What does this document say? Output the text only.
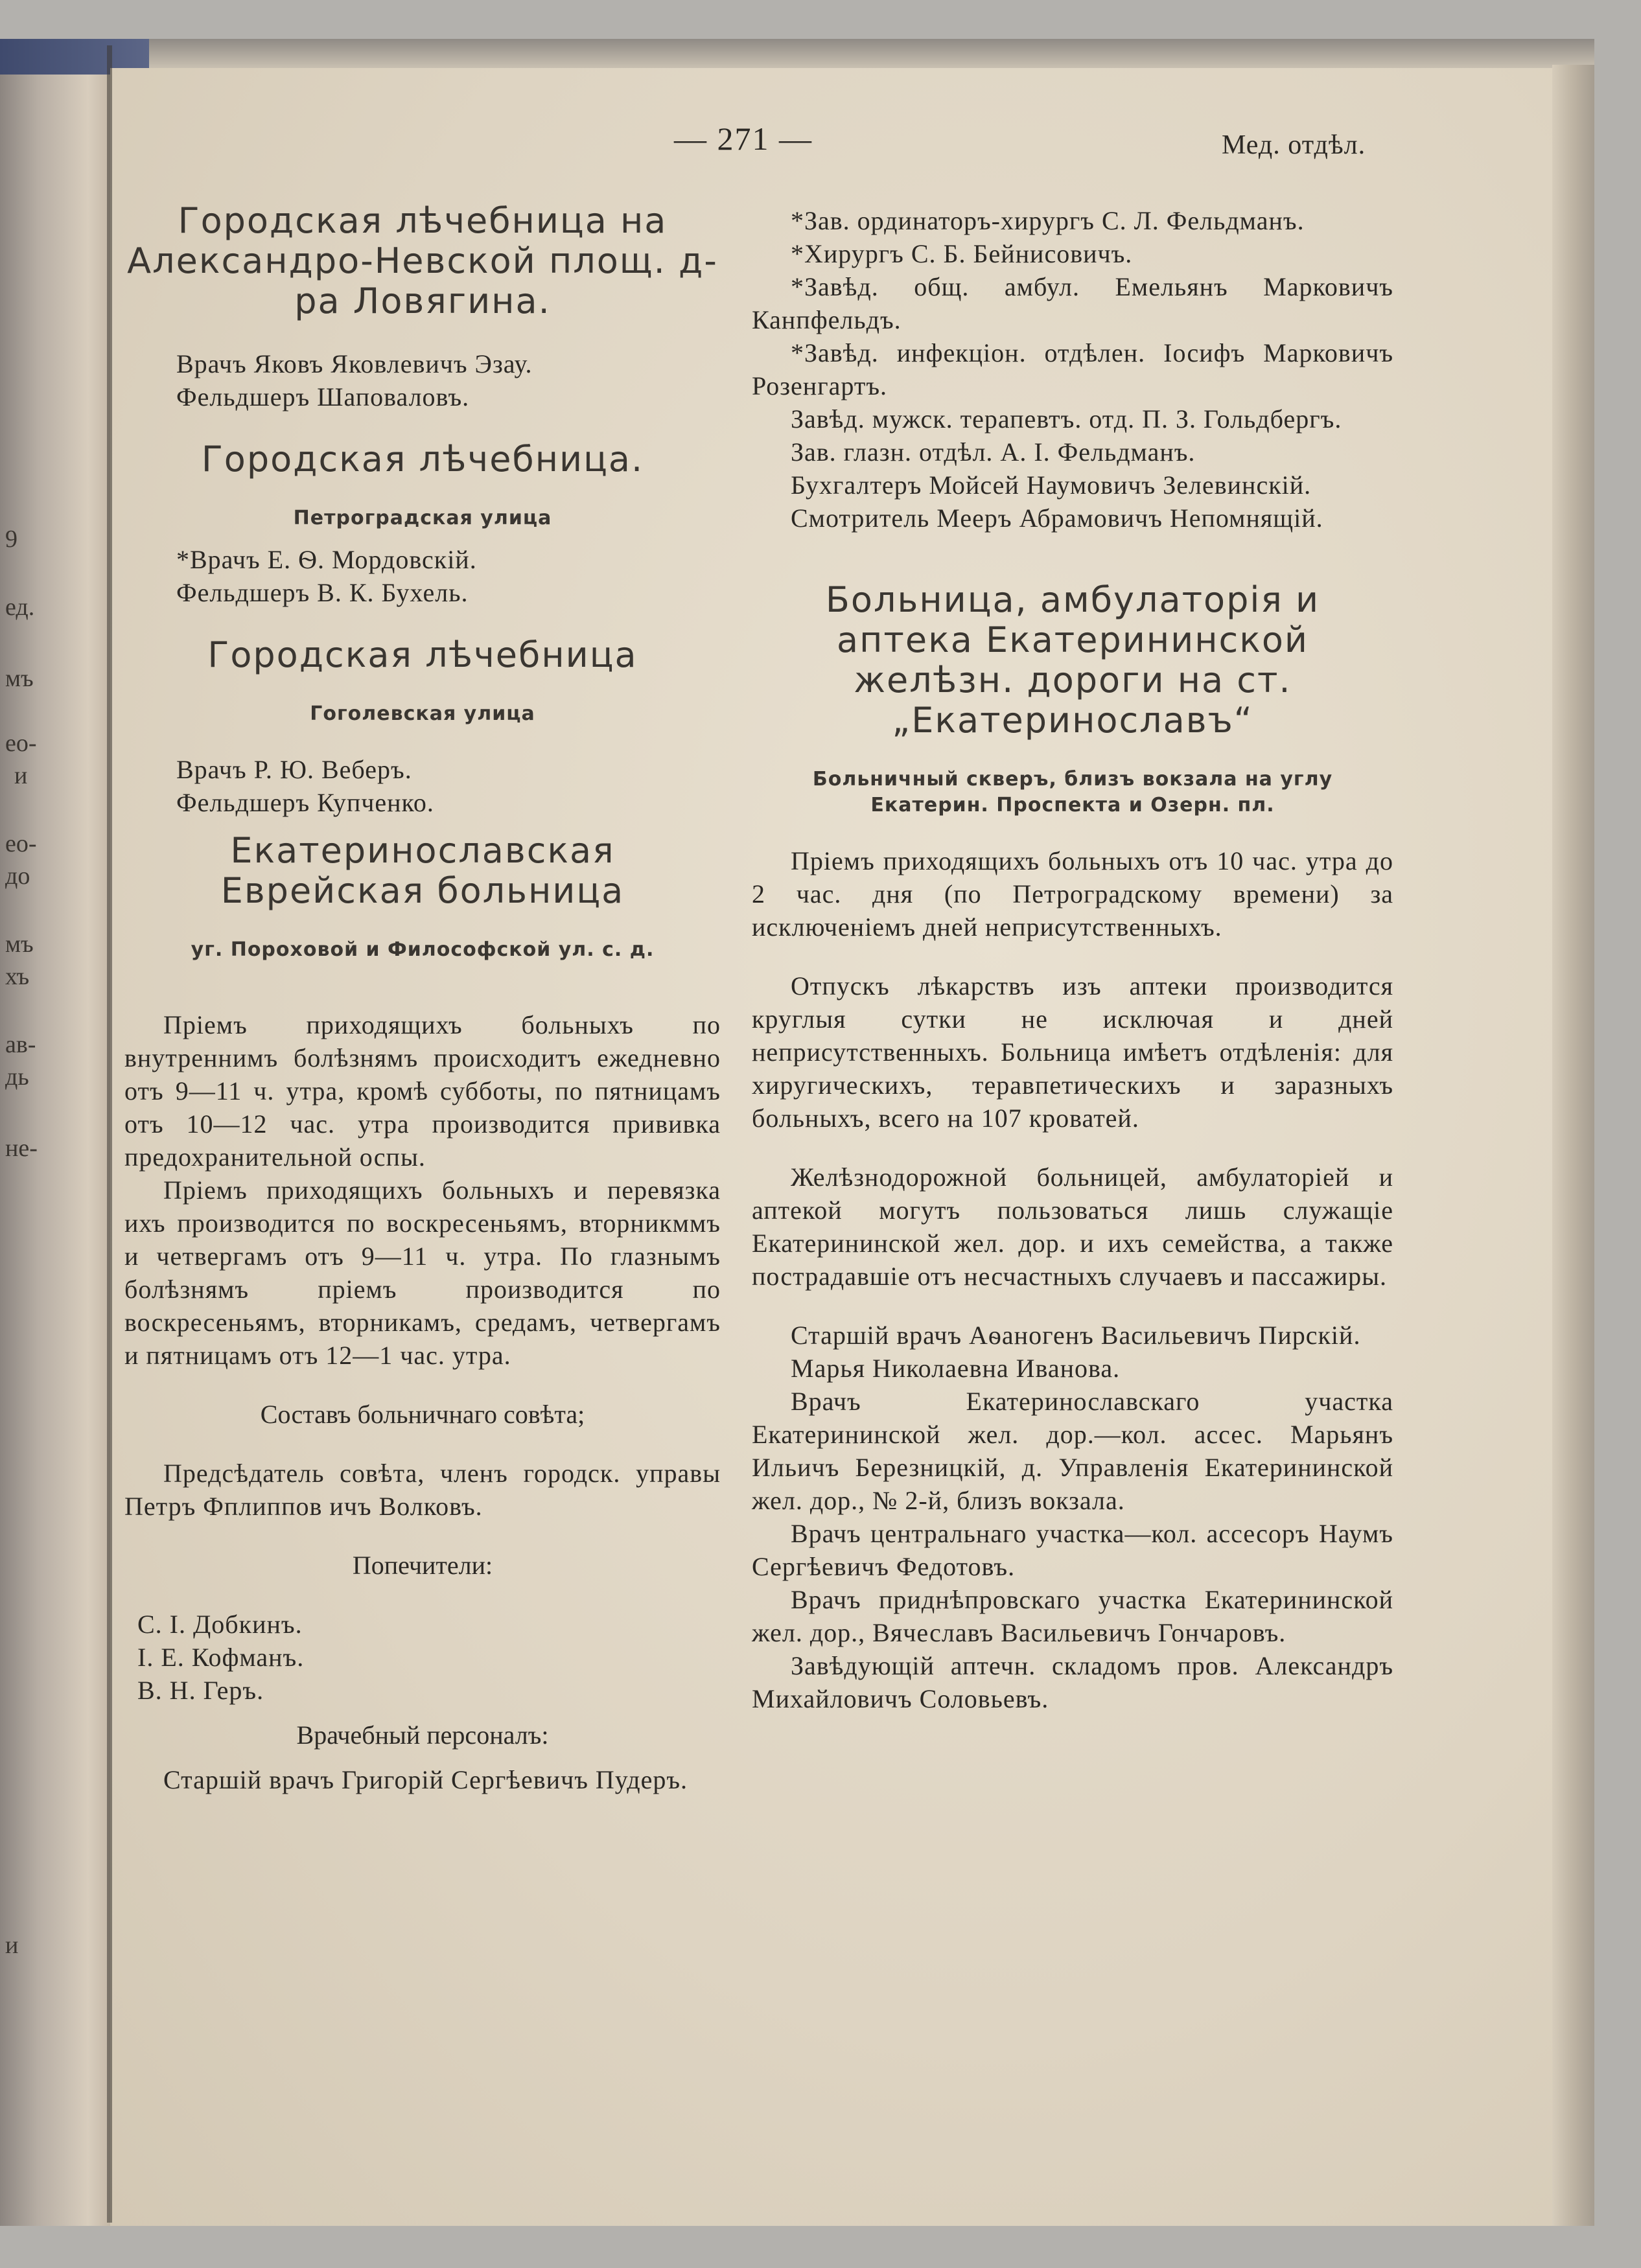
9
ед.
мъ
ео-
и
ео-
до
мъ
хъ
ав-
дь
не-
и
— 271 —	Мед. отдѣл.
Городская лѣчебница на Александро-Невской площ. д-ра Ловягина.

Врачъ Яковъ Яковлевичъ Эзау.

Фельдшеръ Шаповаловъ.

Городская лѣчебница.
Петроградская улица

*Врачъ Е. Ѳ. Мордовскій.

Фельдшеръ В. К. Бухель.

Городская лѣчебница
Гоголевская улица

Врачъ Р. Ю. Веберъ.

Фельдшеръ Купченко.

Екатеринославская Еврейская больница
уг. Пороховой и Философской ул. с. д.

Пріемъ приходящихъ больныхъ по внутреннимъ болѣзнямъ происходитъ ежедневно отъ 9—11 ч. утра, кромѣ субботы, по пятницамъ отъ 10—12 час. утра производится прививка предохранительной оспы.

Пріемъ приходящихъ больныхъ и перевязка ихъ производится по воскресеньямъ, вторникммъ и четвергамъ отъ 9—11 ч. утра. По глазнымъ болѣзнямъ пріемъ производится по воскресеньямъ, вторникамъ, средамъ, четвергамъ и пятницамъ отъ 12—1 час. утра.

Составъ больничнаго совѣта;

Предсѣдатель совѣта, членъ городск. управы Петръ Фплиппов ичъ Волковъ.

Попечители:

С. І. Добкинъ.

І. Е. Кофманъ.

В. Н. Геръ.

Врачебный персоналъ:

Старшій врачъ Григорій Сергѣевичъ Пудеръ.

*Зав. ординаторъ-хирургъ С. Л. Фельдманъ.

*Хирургъ С. Б. Бейнисовичъ.

*Завѣд. общ. амбул. Емельянъ Марковичъ Канпфельдъ.

*Завѣд. инфекціон. отдѣлен. Іосифъ Марковичъ Розенгартъ.

Завѣд. мужск. терапевтъ. отд. П. З. Гольдбергъ.

Зав. глазн. отдѣл. А. І. Фельдманъ.

Бухгалтеръ Мойсей Наумовичъ Зелевинскій.

Смотритель Мееръ Абрамовичъ Непомнящій.

Больница, амбулаторія и аптека Екатерининской желѣзн. дороги на ст. „Екатеринославъ“
Больничный скверъ, близъ вокзала на углу Екатерин. Проспекта и Озерн. пл.

Пріемъ приходящихъ больныхъ отъ 10 час. утра до 2 час. дня (по Петроградскому времени) за исключеніемъ дней неприсутственныхъ.

Отпускъ лѣкарствъ изъ аптеки производится круглыя сутки не исключая и дней неприсутственныхъ. Больница имѣетъ отдѣленія: для хиругическихъ, теравпетическихъ и заразныхъ больныхъ, всего на 107 кроватей.

Желѣзнодорожной больницей, амбулаторіей и аптекой могутъ пользоваться лишь служащіе Екатерининской жел. дор. и ихъ семейства, а также пострадавшіе отъ несчастныхъ случаевъ и пассажиры.

Старшій врачъ Аѳаногенъ Васильевичъ Пирскій.

Марья Николаевна Иванова.

Врачъ Екатеринославскаго участка Екатерининской жел. дор.—кол. ассес. Марьянъ Ильичъ Березницкій, д. Управленія Екатерининской жел. дор., № 2-й, близъ вокзала.

Врачъ центральнаго участка—кол. ассесоръ Наумъ Сергѣевичъ Федотовъ.

Врачъ приднѣпровскаго участка Екатерининской жел. дор., Вячеславъ Васильевичъ Гончаровъ.

Завѣдующій аптечн. складомъ пров. Александръ Михайловичъ Соловьевъ.
